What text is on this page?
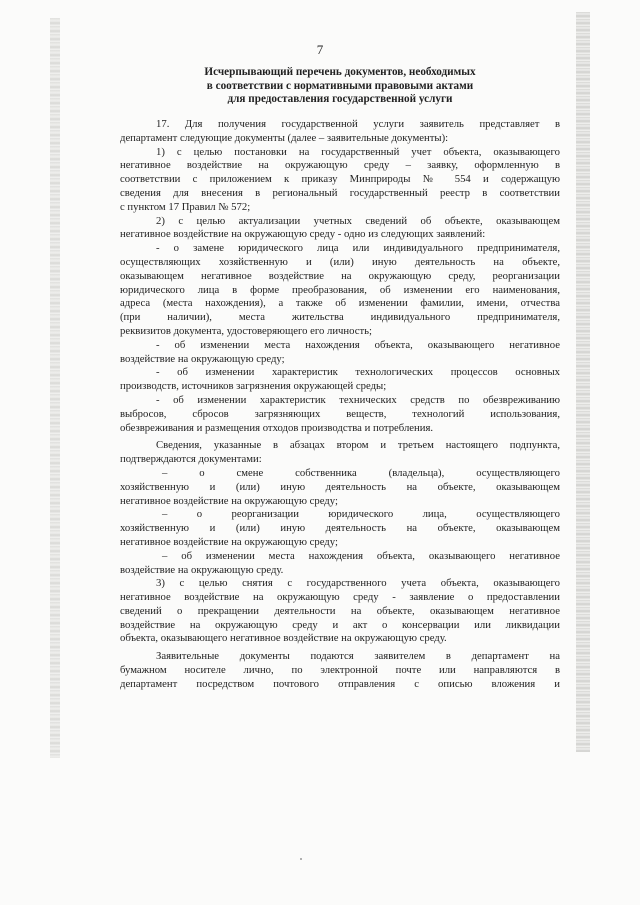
7
Исчерпывающий перечень документов, необходимых
в соответствии с нормативными правовыми актами
для предоставления государственной услуги
17. Для получения государственной услуги заявитель представляет в
департамент следующие документы (далее – заявительные документы):
1) с целью постановки на государственный учет объекта, оказывающего
негативное воздействие на окружающую среду – заявку, оформленную в
соответствии с приложением к приказу Минприроды № 554 и содержащую
сведения для внесения в региональный государственный реестр в соответствии
с пунктом 17 Правил № 572;
2) с целью актуализации учетных сведений об объекте, оказывающем
негативное воздействие на окружающую среду - одно из следующих заявлений:
- о замене юридического лица или индивидуального предпринимателя,
осуществляющих хозяйственную и (или) иную деятельность на объекте,
оказывающем негативное воздействие на окружающую среду, реорганизации
юридического лица в форме преобразования, об изменении его наименования,
адреса (места нахождения), а также об изменении фамилии, имени, отчества
(при наличии), места жительства индивидуального предпринимателя,
реквизитов документа, удостоверяющего его личность;
- об изменении места нахождения объекта, оказывающего негативное
воздействие на окружающую среду;
- об изменении характеристик технологических процессов основных
производств, источников загрязнения окружающей среды;
- об изменении характеристик технических средств по обезвреживанию
выбросов, сбросов загрязняющих веществ, технологий использования,
обезвреживания и размещения отходов производства и потребления.
Сведения, указанные в абзацах втором и третьем настоящего подпункта,
подтверждаются документами:
– о смене собственника (владельца), осуществляющего
хозяйственную и (или) иную деятельность на объекте, оказывающем
негативное воздействие на окружающую среду;
– о реорганизации юридического лица, осуществляющего
хозяйственную и (или) иную деятельность на объекте, оказывающем
негативное воздействие на окружающую среду;
– об изменении места нахождения объекта, оказывающего негативное
воздействие на окружающую среду.
3) с целью снятия с государственного учета объекта, оказывающего
негативное воздействие на окружающую среду - заявление о предоставлении
сведений о прекращении деятельности на объекте, оказывающем негативное
воздействие на окружающую среду и акт о консервации или ликвидации
объекта, оказывающего негативное воздействие на окружающую среду.
Заявительные документы подаются заявителем в департамент на
бумажном носителе лично, по электронной почте или направляются в
департамент посредством почтового отправления с описью вложения и
